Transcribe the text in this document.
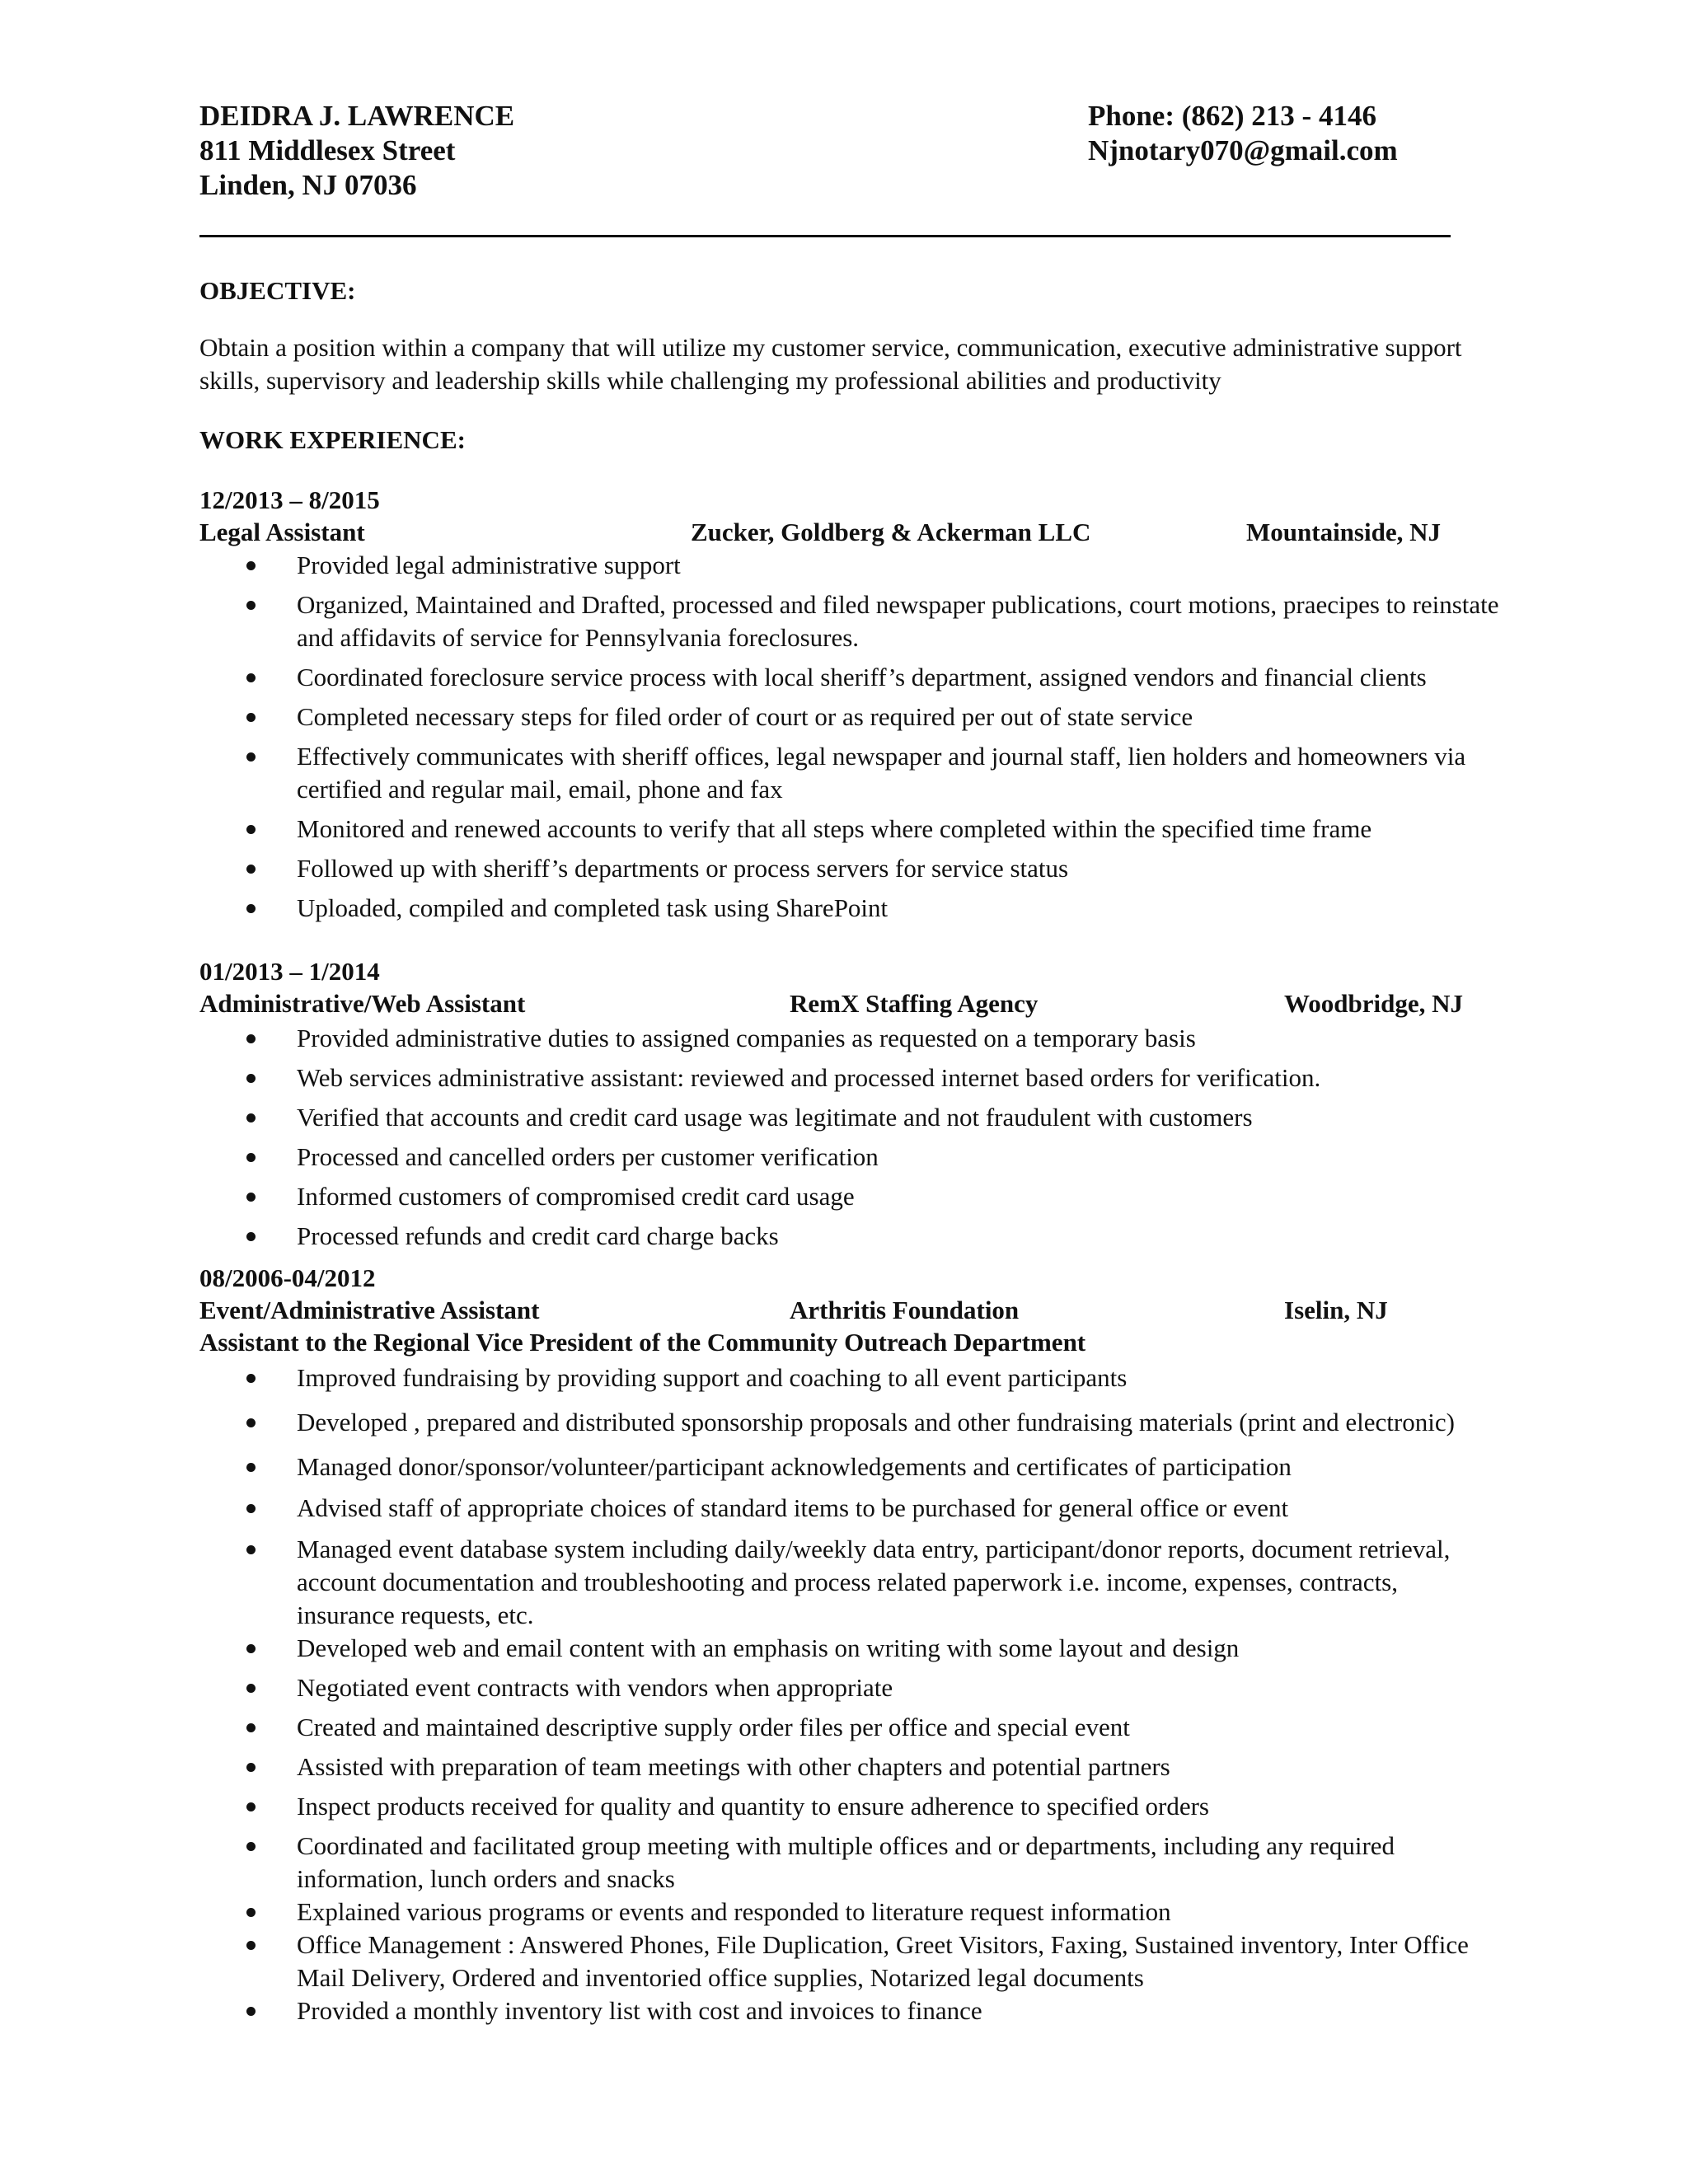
DEIDRA J. LAWRENCE
811 Middlesex Street
Linden, NJ 07036
Phone: (862) 213 - 4146
Njnotary070@gmail.com
OBJECTIVE:
Obtain a position within a company that will utilize my customer service, communication, executive administrative support skills, supervisory and leadership skills while challenging my professional abilities and productivity
WORK EXPERIENCE:
12/2013 – 8/2015
Legal Assistant	Zucker, Goldberg & Ackerman LLC	Mountainside, NJ
Provided legal administrative support
Organized, Maintained and Drafted, processed and filed newspaper publications, court motions, praecipes to reinstate and affidavits of service for Pennsylvania foreclosures.
Coordinated foreclosure service process with local sheriff’s department, assigned vendors and financial clients
Completed necessary steps for filed order of court or as required per out of state service
Effectively communicates with sheriff offices, legal newspaper and journal staff, lien holders and homeowners via certified and regular mail, email, phone and fax
Monitored and renewed accounts to verify that all steps where completed within the specified time frame
Followed up with sheriff’s departments or process servers for service status
Uploaded, compiled and completed task using SharePoint
01/2013 – 1/2014
Administrative/Web Assistant	RemX Staffing Agency	Woodbridge, NJ
Provided administrative duties to assigned companies as requested on a temporary basis
Web services administrative assistant: reviewed and processed internet based orders for verification.
Verified that accounts and credit card usage was legitimate and not fraudulent with customers
Processed and cancelled orders per customer verification
Informed customers of compromised credit card usage
Processed refunds and credit card charge backs
08/2006-04/2012
Event/Administrative Assistant	Arthritis Foundation	Iselin, NJ
Assistant to the Regional Vice President of the Community Outreach Department
Improved fundraising by providing support and coaching to all event participants
Developed , prepared and distributed sponsorship proposals and other fundraising materials (print and electronic)
Managed donor/sponsor/volunteer/participant acknowledgements and certificates of participation
Advised staff of appropriate choices of standard items to be purchased for general office or event
Managed event database system including daily/weekly data entry, participant/donor reports, document retrieval, account documentation and troubleshooting and process related paperwork i.e. income, expenses, contracts, insurance requests, etc.
Developed web and email content with an emphasis on writing with some layout and design
Negotiated event contracts with vendors when appropriate
Created and maintained descriptive supply order files per office and special event
Assisted with preparation of team meetings with other chapters and potential partners
Inspect products received for quality and quantity to ensure adherence to specified orders
Coordinated and facilitated group meeting with multiple offices and or departments, including any required information, lunch orders and snacks
Explained various programs or events and responded to literature request information
Office Management : Answered Phones, File Duplication, Greet Visitors, Faxing, Sustained inventory, Inter Office Mail Delivery, Ordered and inventoried office supplies, Notarized legal documents
Provided a monthly inventory list with cost and invoices to finance
